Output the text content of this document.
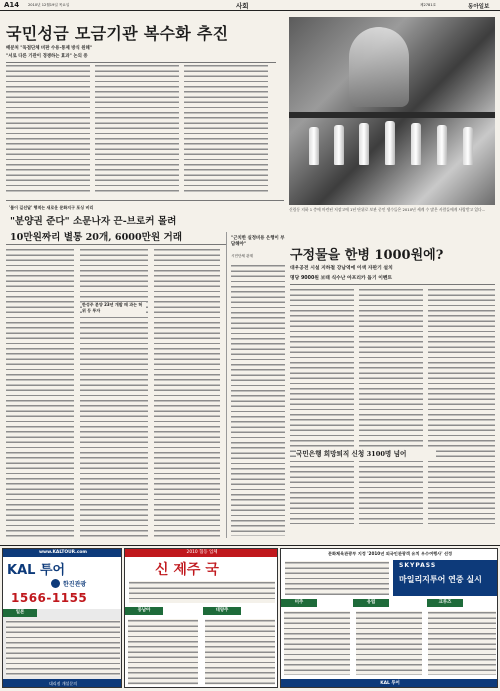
A14 2010년 12월19일 목요일	사회	제2781호	동아일보
국민성금 모금기관 복수화 추진
배분처 "독점단체 비판 수용·통제 방식 원해"
"서로 다른 기관이 경쟁하는 효과" 논의 중
신림동 지하 1 층에 마련된 저장고에 1년 단위로 보관 중인 생수들은 2010년 세계 수 많은 사람들에게 사랑받고 있다...
'불이 길선달' 행적는 새로운 문화지구 포싱 비리
"분양권 준다" 소문나자 끈-브로커 몰려
10만원짜리 별통 20개, 6000만원 거래
한성주 분양 23년 개발 때 과는 허위 등 투자
"근치한 실정비용 은행이 부담해야"
시민단체 관계	구정물을 한병 1000원에?
대우공전 시설 지하철 강남역에 이색 자판기 설치
명당 9000원 보태 식수난 아프리카 돕기 이벤트
국민은행 희망퇴직 신청 3100명 넘어
www.KALTOUR.com
KAL 투어
한진관광
1566-1155
일본
대리점 개설문의
2010 협동 업체
신 제주 국
동남아	대양주
문화체육관광부 지정 '2010년 외국인관광객 유치 우수여행사' 선정
SKYPASS
마일리지투어 연중 실시
미주	유럽	크루즈
KAL 투어
